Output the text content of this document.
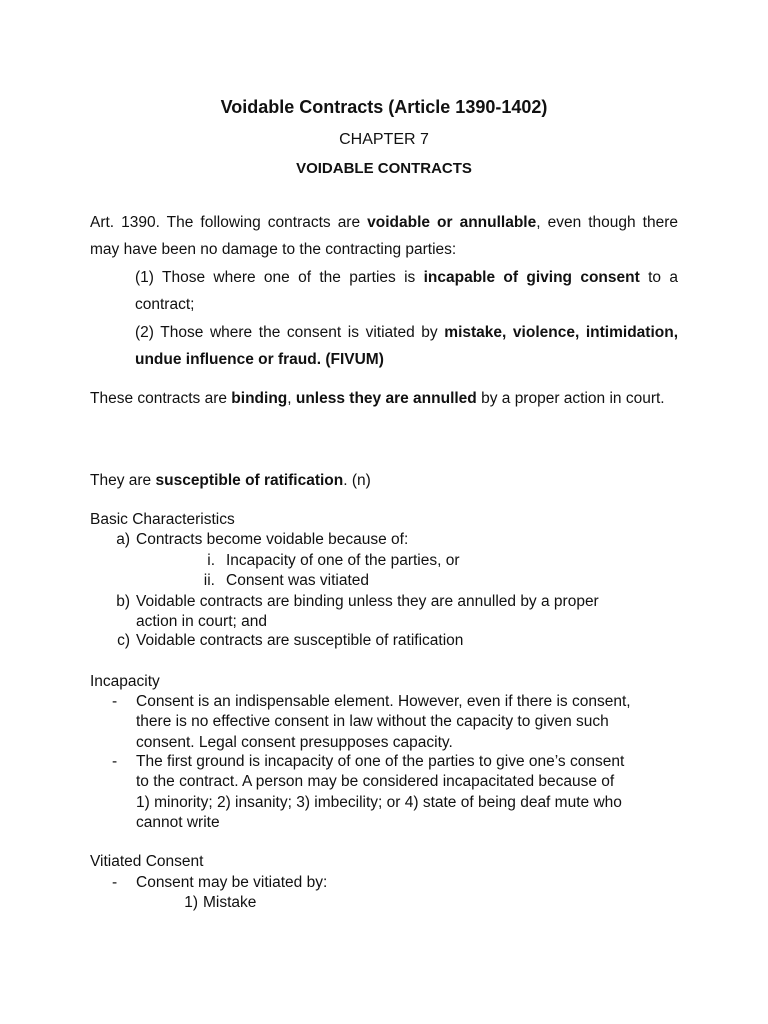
Voidable Contracts (Article 1390-1402)
CHAPTER 7
VOIDABLE CONTRACTS
Art. 1390. The following contracts are voidable or annullable, even though there may have been no damage to the contracting parties:
(1) Those where one of the parties is incapable of giving consent to a contract;
(2) Those where the consent is vitiated by mistake, violence, intimidation, undue influence or fraud. (FIVUM)
These contracts are binding, unless they are annulled by a proper action in court.
They are susceptible of ratification. (n)
Basic Characteristics
a) Contracts become voidable because of:
i. Incapacity of one of the parties, or
ii. Consent was vitiated
b) Voidable contracts are binding unless they are annulled by a proper
action in court; and
c) Voidable contracts are susceptible of ratification
Incapacity
- Consent is an indispensable element. However, even if there is consent,
there is no effective consent in law without the capacity to given such
consent. Legal consent presupposes capacity.
- The first ground is incapacity of one of the parties to give one’s consent
to the contract. A person may be considered incapacitated because of
1) minority; 2) insanity; 3) imbecility; or 4) state of being deaf mute who
cannot write
Vitiated Consent
- Consent may be vitiated by:
1) Mistake
